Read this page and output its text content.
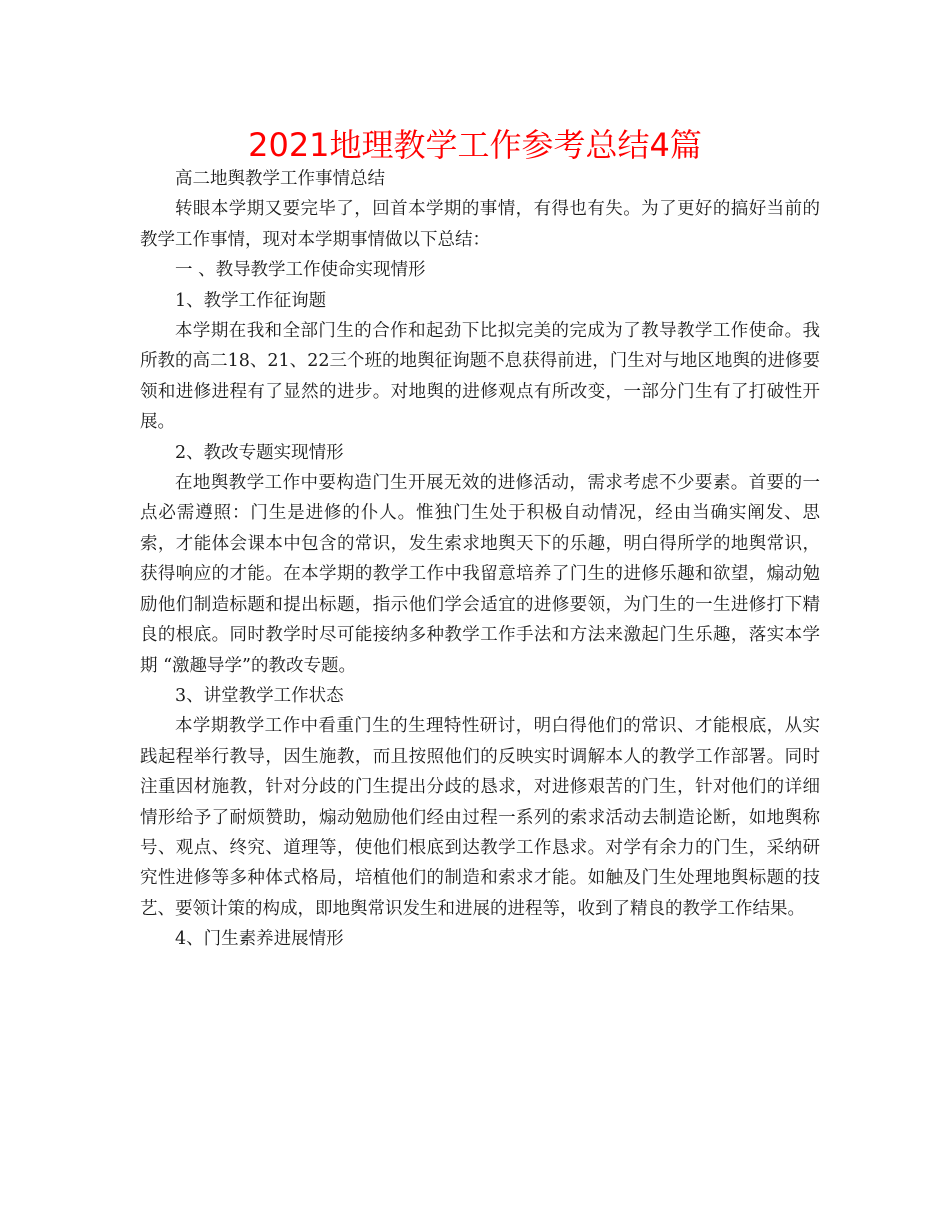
2021地理教学工作参考总结4篇

高二地舆教学工作事情总结

转眼本学期又要完毕了，回首本学期的事情，有得也有失。为了更好的搞好当前的教学工作事情，现对本学期事情做以下总结：

一 、教导教学工作使命实现情形

1、教学工作征询题

本学期在我和全部门生的合作和起劲下比拟完美的完成为了教导教学工作使命。我所教的高二18、21、22三个班的地舆征询题不息获得前进，门生对与地区地舆的进修要领和进修进程有了显然的进步。对地舆的进修观点有所改变，一部分门生有了打破性开展。

2、教改专题实现情形

在地舆教学工作中要构造门生开展无效的进修活动，需求考虑不少要素。首要的一点必需遵照：门生是进修的仆人。惟独门生处于积极自动情况，经由当确实阐发、思索，才能体会课本中包含的常识，发生索求地舆天下的乐趣，明白得所学的地舆常识，获得响应的才能。在本学期的教学工作中我留意培养了门生的进修乐趣和欲望，煽动勉励他们制造标题和提出标题，指示他们学会适宜的进修要领，为门生的一生进修打下精良的根底。同时教学时尽可能接纳多种教学工作手法和方法来激起门生乐趣，落实本学期 “激趣导学”的教改专题。

3、讲堂教学工作状态

本学期教学工作中看重门生的生理特性研讨，明白得他们的常识、才能根底，从实践起程举行教导，因生施教，而且按照他们的反映实时调解本人的教学工作部署。同时注重因材施教，针对分歧的门生提出分歧的恳求，对进修艰苦的门生，针对他们的详细情形给予了耐烦赞助，煽动勉励他们经由过程一系列的索求活动去制造论断，如地舆称号、观点、终究、道理等，使他们根底到达教学工作恳求。对学有余力的门生，采纳研究性进修等多种体式格局，培植他们的制造和索求才能。如触及门生处理地舆标题的技艺、要领计策的构成，即地舆常识发生和进展的进程等，收到了精良的教学工作结果。

4、门生素养进展情形
